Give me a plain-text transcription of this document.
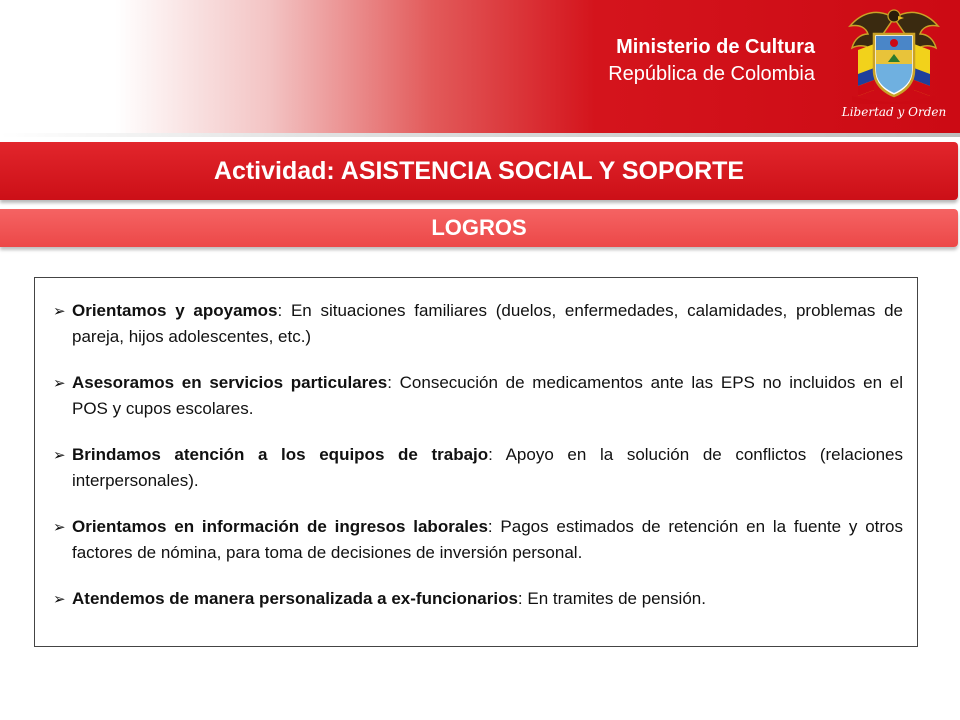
Ministerio de Cultura
República de Colombia
Libertad y Orden
Actividad: ASISTENCIA SOCIAL Y SOPORTE
LOGROS
➢ Orientamos y apoyamos: En situaciones familiares (duelos, enfermedades, calamidades, problemas de pareja, hijos adolescentes, etc.)
➢ Asesoramos en servicios particulares: Consecución de medicamentos ante las EPS no incluidos en el POS y cupos escolares.
➢ Brindamos atención a los equipos de trabajo: Apoyo en la solución de conflictos (relaciones interpersonales).
➢ Orientamos en información de ingresos laborales: Pagos estimados de retención en la fuente y otros factores de nómina, para toma de decisiones de inversión personal.
➢ Atendemos de manera personalizada a ex-funcionarios: En tramites de pensión.
